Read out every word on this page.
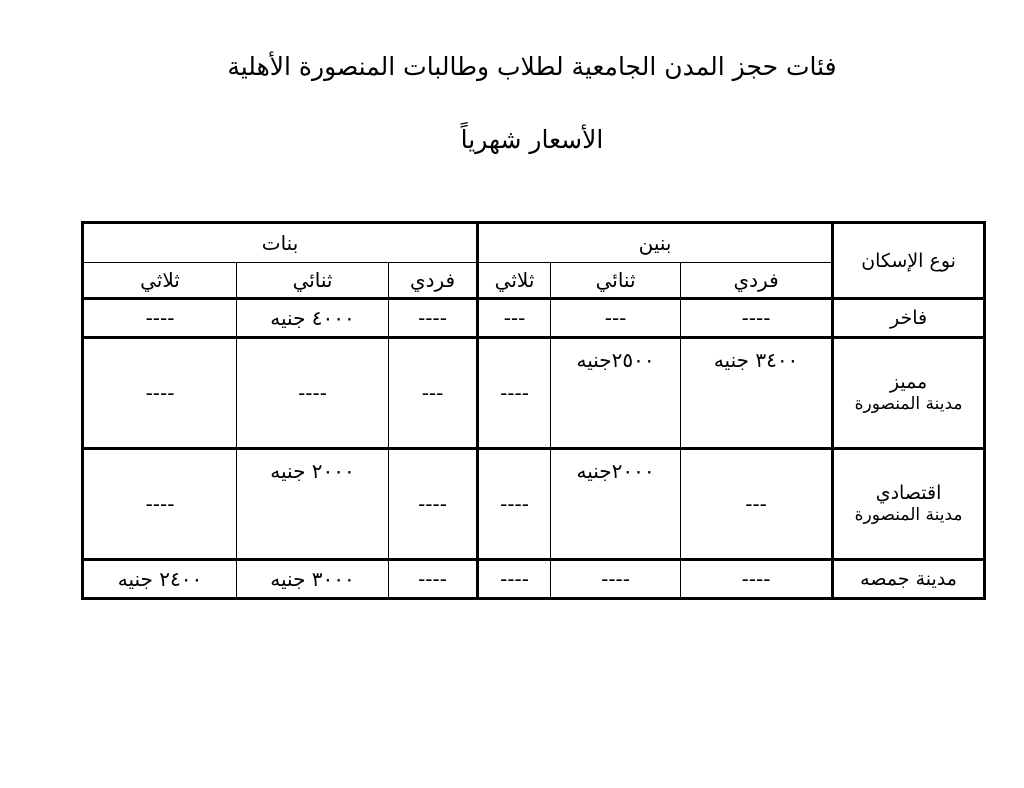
فئات حجز المدن الجامعية لطلاب وطالبات المنصورة الأهلية
الأسعار شهرياً
نوع الإسكان	بنين			بنات		
	فردي	ثنائي	ثلاثي	فردي	ثنائي	ثلاثي
فاخر	----	---	---	----	٤٠٠٠ جنيه	----
مميز
مدينة المنصورة	٣٤٠٠ جنيه	٢٥٠٠جنيه	----	---	----	----
اقتصادي
مدينة المنصورة	---	٢٠٠٠جنيه	----	----	٢٠٠٠ جنيه	----
مدينة جمصه	----	----	----	----	٣٠٠٠ جنيه	٢٤٠٠ جنيه
